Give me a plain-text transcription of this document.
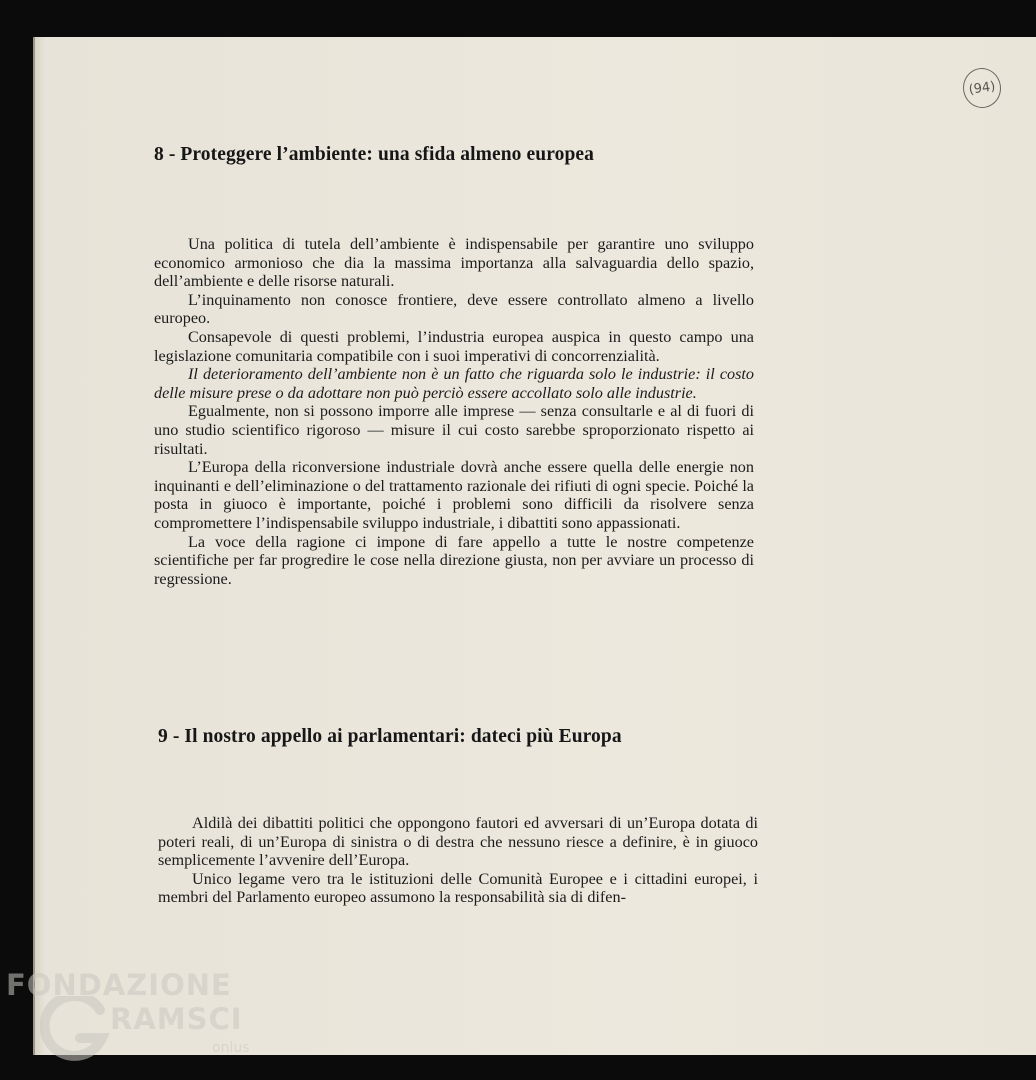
(94)
8 - Proteggere l’ambiente: una sfida almeno europea

Una politica di tutela dell’ambiente è indispensabile per garantire uno sviluppo economico armonioso che dia la massima importanza alla salvaguardia dello spazio, dell’ambiente e delle risorse naturali.

L’inquinamento non conosce frontiere, deve essere controllato almeno a livello europeo.

Consapevole di questi problemi, l’industria europea auspica in questo campo una legislazione comunitaria compatibile con i suoi imperativi di concorrenzialità.

Il deterioramento dell’ambiente non è un fatto che riguarda solo le industrie: il costo delle misure prese o da adottare non può perciò essere accollato solo alle industrie.

Egualmente, non si possono imporre alle imprese — senza consultarle e al di fuori di uno studio scientifico rigoroso — misure il cui costo sarebbe sproporzionato rispetto ai risultati.

L’Europa della riconversione industriale dovrà anche essere quella delle energie non inquinanti e dell’eliminazione o del trattamento razionale dei rifiuti di ogni specie. Poiché la posta in giuoco è importante, poiché i problemi sono difficili da risolvere senza compromettere l’indispensabile sviluppo industriale, i dibattiti sono appassionati.

La voce della ragione ci impone di fare appello a tutte le nostre competenze scientifiche per far progredire le cose nella direzione giusta, non per avviare un processo di regressione.

9 - Il nostro appello ai parlamentari: dateci più Europa

Aldilà dei dibattiti politici che oppongono fautori ed avversari di un’Europa dotata di poteri reali, di un’Europa di sinistra o di destra che nessuno riesce a definire, è in giuoco semplicemente l’avvenire dell’Europa.

Unico legame vero tra le istituzioni delle Comunità Europee e i cittadini europei, i membri del Parlamento europeo assumono la responsabilità sia di difen-

FONDAZIONE
RAMSCI
onlus
